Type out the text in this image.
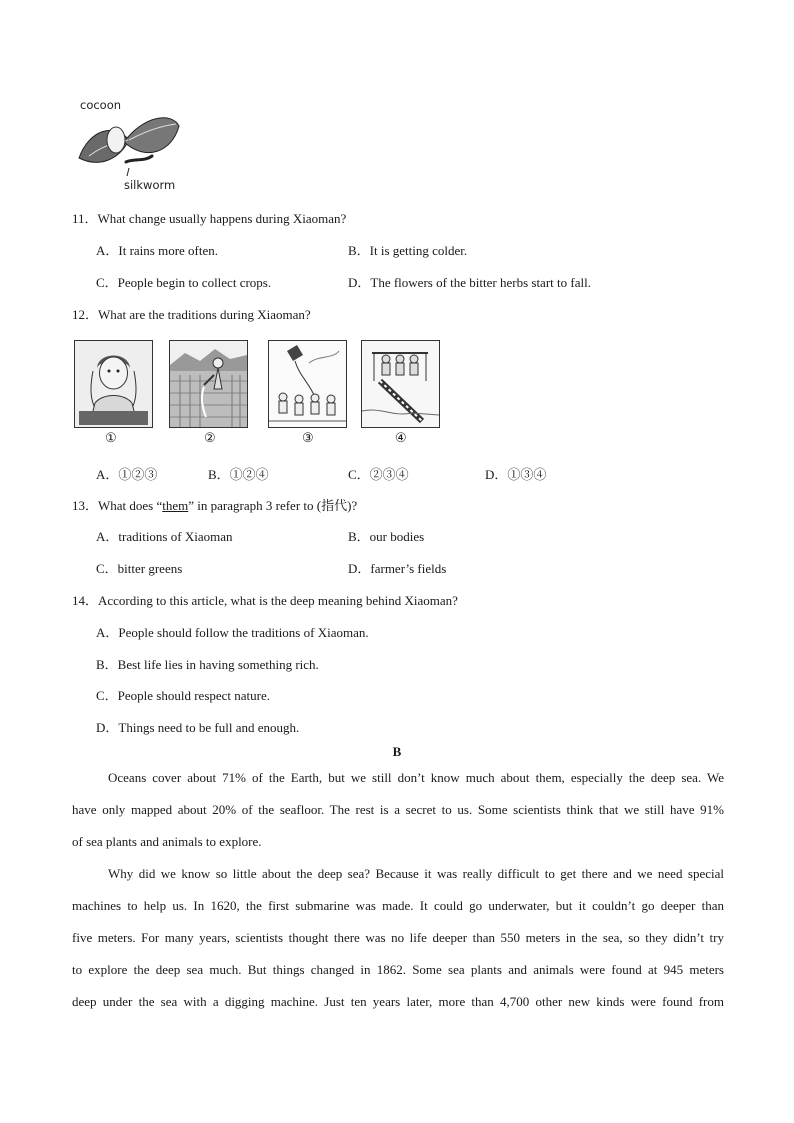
cocoon
silkworm
11．What change usually happens during Xiaoman?
A．It rains more often.	B．It is getting colder.
C．People begin to collect crops.	D．The flowers of the bitter herbs start to fall.
12．What are the traditions during Xiaoman?
①	②	③	④
A．①②③	B．①②④	C．②③④	D．①③④
13．What does “them” in paragraph 3 refer to (指代)?
A．traditions of Xiaoman	B．our bodies
C．bitter greens	D．farmer’s fields
14．According to this article, what is the deep meaning behind Xiaoman?
A．People should follow the traditions of Xiaoman.
B．Best life lies in having something rich.
C．People should respect nature.
D．Things need to be full and enough.
B
Oceans cover about 71% of the Earth, but we still don’t know much about them, especially the deep sea. We
have only mapped about 20% of the seafloor. The rest is a secret to us. Some scientists think that we still have 91%
of sea plants and animals to explore.
Why did we know so little about the deep sea? Because it was really difficult to get there and we need special
machines to help us. In 1620, the first submarine was made. It could go underwater, but it couldn’t go deeper than
five meters. For many years, scientists thought there was no life deeper than 550 meters in the sea, so they didn’t try
to explore the deep sea much. But things changed in 1862. Some sea plants and animals were found at 945 meters
deep under the sea with a digging machine. Just ten years later, more than 4,700 other new kinds were found from
